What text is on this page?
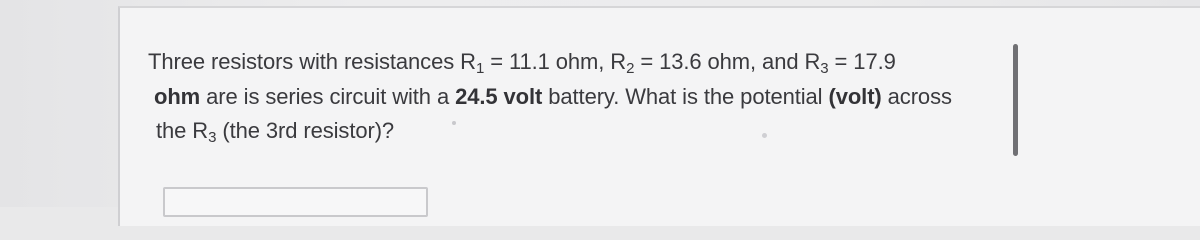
Three resistors with resistances $R_1 = 11.1$ ohm, $R_2 = 13.6$ ohm, and $R_3 = 17.9$
ohm are is series circuit with a 24.5 volt battery. What is the potential (volt) across
the $R_3$ (the 3rd resistor)?
